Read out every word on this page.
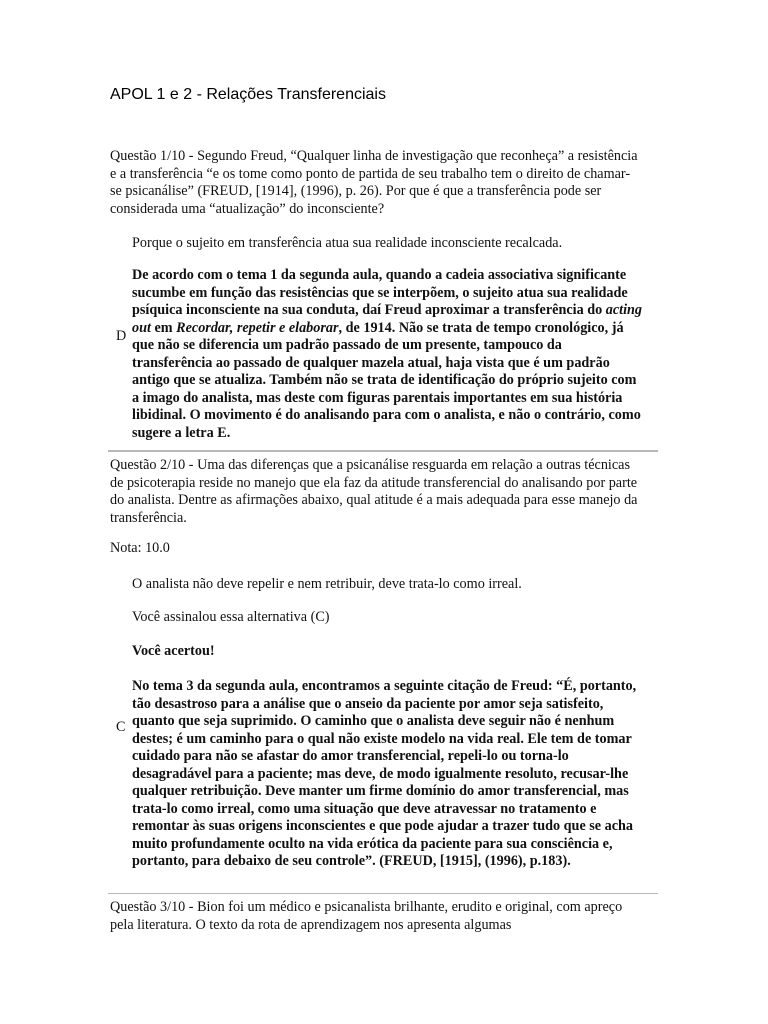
APOL 1 e 2 - Relações Transferenciais
Questão 1/10 - Segundo Freud, “Qualquer linha de investigação que reconheça” a resistência e a transferência “e os tome como ponto de partida de seu trabalho tem o direito de chamar-se psicanálise” (FREUD, [1914], (1996), p. 26). Por que é que a transferência pode ser considerada uma “atualização” do inconsciente?
Porque o sujeito em transferência atua sua realidade inconsciente recalcada.
D
De acordo com o tema 1 da segunda aula, quando a cadeia associativa significante sucumbe em função das resistências que se interpõem, o sujeito atua sua realidade psíquica inconsciente na sua conduta, daí Freud aproximar a transferência do acting out em Recordar, repetir e elaborar, de 1914. Não se trata de tempo cronológico, já que não se diferencia um padrão passado de um presente, tampouco da transferência ao passado de qualquer mazela atual, haja vista que é um padrão antigo que se atualiza. Também não se trata de identificação do próprio sujeito com a imago do analista, mas deste com figuras parentais importantes em sua história libidinal. O movimento é do analisando para com o analista, e não o contrário, como sugere a letra E.
Questão 2/10 - Uma das diferenças que a psicanálise resguarda em relação a outras técnicas de psicoterapia reside no manejo que ela faz da atitude transferencial do analisando por parte do analista. Dentre as afirmações abaixo, qual atitude é a mais adequada para esse manejo da transferência.
Nota: 10.0
O analista não deve repelir e nem retribuir, deve trata-lo como irreal.
Você assinalou essa alternativa (C)
Você acertou!
C
No tema 3 da segunda aula, encontramos a seguinte citação de Freud: “É, portanto, tão desastroso para a análise que o anseio da paciente por amor seja satisfeito, quanto que seja suprimido. O caminho que o analista deve seguir não é nenhum destes; é um caminho para o qual não existe modelo na vida real. Ele tem de tomar cuidado para não se afastar do amor transferencial, repeli-lo ou torna-lo desagradável para a paciente; mas deve, de modo igualmente resoluto, recusar-lhe qualquer retribuição. Deve manter um firme domínio do amor transferencial, mas trata-lo como irreal, como uma situação que deve atravessar no tratamento e remontar às suas origens inconscientes e que pode ajudar a trazer tudo que se acha muito profundamente oculto na vida erótica da paciente para sua consciência e, portanto, para debaixo de seu controle”. (FREUD, [1915], (1996), p.183).
Questão 3/10 - Bion foi um médico e psicanalista brilhante, erudito e original, com apreço pela literatura. O texto da rota de aprendizagem nos apresenta algumas
